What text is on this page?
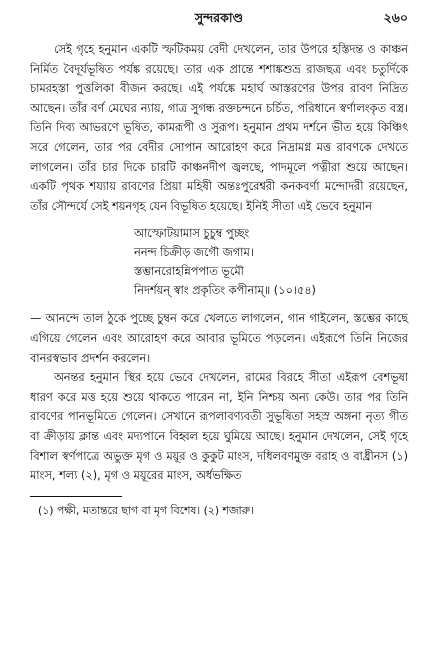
সুন্দরকাণ্ড	২৬০

সেই গৃহে হনুমান একটি স্ফটিকময় বেদী দেখলেন, তার উপরে হস্তিদন্ত ও কাঞ্চন নির্মিত বৈদূর্যভূষিত পর্যঙ্ক রয়েছে। তার এক প্রান্তে শশাঙ্কশুভ্র রাজছত্র এবং চতুর্দিকে চামরহস্তা পুত্তলিকা বীজন করছে। এই পর্যঙ্কে মহার্ঘ আস্তরণের উপর রাবণ নিদ্রিত আছেন। তাঁর বর্ণ মেঘের ন্যায়, গাত্র সুগন্ধ রক্তচন্দনে চর্চিত, পরিধানে স্বর্ণালংকৃত বস্ত্র। তিনি দিব্য আভরণে ভূষিত, কামরূপী ও সুরূপ। হনুমান প্রথম দর্শনে ভীত হয়ে কিঞ্চিৎ সরে গেলেন, তার পর বেদীর সোপান আরোহণ করে নিদ্রামগ্ন মত্ত রাবণকে দেখতে লাগলেন। তাঁর চার দিকে চারটি কাঞ্চনদীপ জ্বলছে, পাদমূলে পত্নীরা শুয়ে আছেন। একটি পৃথক শয্যায় রাবণের প্রিয়া মহিষী অন্তঃপুরেশ্বরী কনকবর্ণা মন্দোদরী রয়েছেন, তাঁর সৌন্দর্যে সেই শয়নগৃহ যেন বিভূষিত হয়েছে। ইনিই সীতা এই ভেবে হনুমান

আস্ফোটয়ামাস চুচুম্ব পুচ্ছং
ননন্দ চিক্রীড় জগৌ জগাম।
স্তম্ভানরোহন্নিপপাত ভূমৌ
নিদর্শয়ন্‌ স্বাং প্রকৃতিং কপীনাম্‌॥ (১০।৫৪)

— আনন্দে তাল ঠুকে পুচ্ছে চুম্বন করে খেলতে লাগলেন, গান গাইলেন, স্তম্ভের কাছে এগিয়ে গেলেন এবং আরোহণ করে আবার ভূমিতে পড়লেন। এইরূপে তিনি নিজের বানরস্বভাব প্রদর্শন করলেন।

অনন্তর হনুমান স্থির হয়ে ভেবে দেখলেন, রামের বিরহে সীতা এইরূপ বেশভূষা ধারণ করে মত্ত হয়ে শুয়ে থাকতে পারেন না, ইনি নিশ্চয় অন্য কেউ। তার পর তিনি রাবণের পানভূমিতে গেলেন। সেখানে রূপলাবণ্যবতী সুভূষিতা সহস্র অঙ্গনা নৃত্য গীত বা ক্রীড়ায় ক্লান্ত এবং মদ্যপানে বিহ্বল হয়ে ঘুমিয়ে আছে। হনুমান দেখলেন, সেই গৃহে বিশাল স্বর্ণপাত্রে অভুক্ত মৃগ ও ময়ূর ও কুকুট মাংস, দধিলবণমুক্ত বরাহ ও বাধ্রীনস (১) মাংস, শল্য (২), মৃগ ও ময়ূরের মাংস, অর্ধভক্ষিত

(১) পক্ষী, মতান্তরে ছাগ বা মৃগ বিশেষ। (২) শজারু।
